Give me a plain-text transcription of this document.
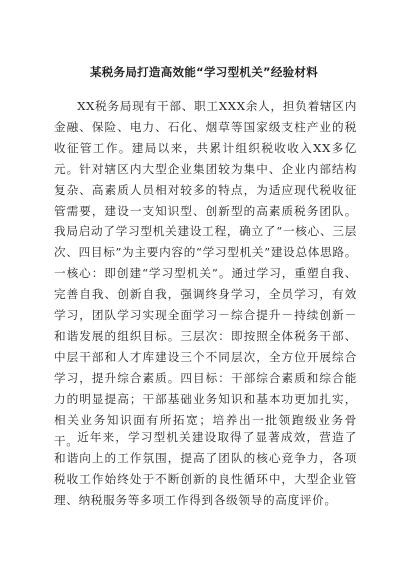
某税务局打造高效能“学习型机关”经验材料

XX税务局现有干部、职工XXX余人，担负着辖区内金融、保险、电力、石化、烟草等国家级支柱产业的税收征管工作。建局以来，共累计组织税收收入XX多亿元。针对辖区内大型企业集团较为集中、企业内部结构复杂、高素质人员相对较多的特点，为适应现代税收征管需要，建设一支知识型、创新型的高素质税务团队。我局启动了学习型机关建设工程，确立了“一核心、三层次、四目标”为主要内容的“学习型机关”建设总体思路。一核心：即创建“学习型机关”。通过学习，重塑自我、完善自我、创新自我，强调终身学习，全员学习，有效学习，团队学习实现全面学习－综合提升－持续创新－和谐发展的组织目标。三层次：即按照全体税务干部、中层干部和人才库建设三个不同层次，全方位开展综合学习，提升综合素质。四目标：干部综合素质和综合能力的明显提高；干部基础业务知识和基本功更加扎实，相关业务知识面有所拓宽；培养出一批领跑级业务骨干。

近年来，学习型机关建设取得了显著成效，营造了和谐向上的工作氛围，提高了团队的核心竞争力，各项税收工作始终处于不断创新的良性循环中，大型企业管理、纳税服务等多项工作得到各级领导的高度评价。
